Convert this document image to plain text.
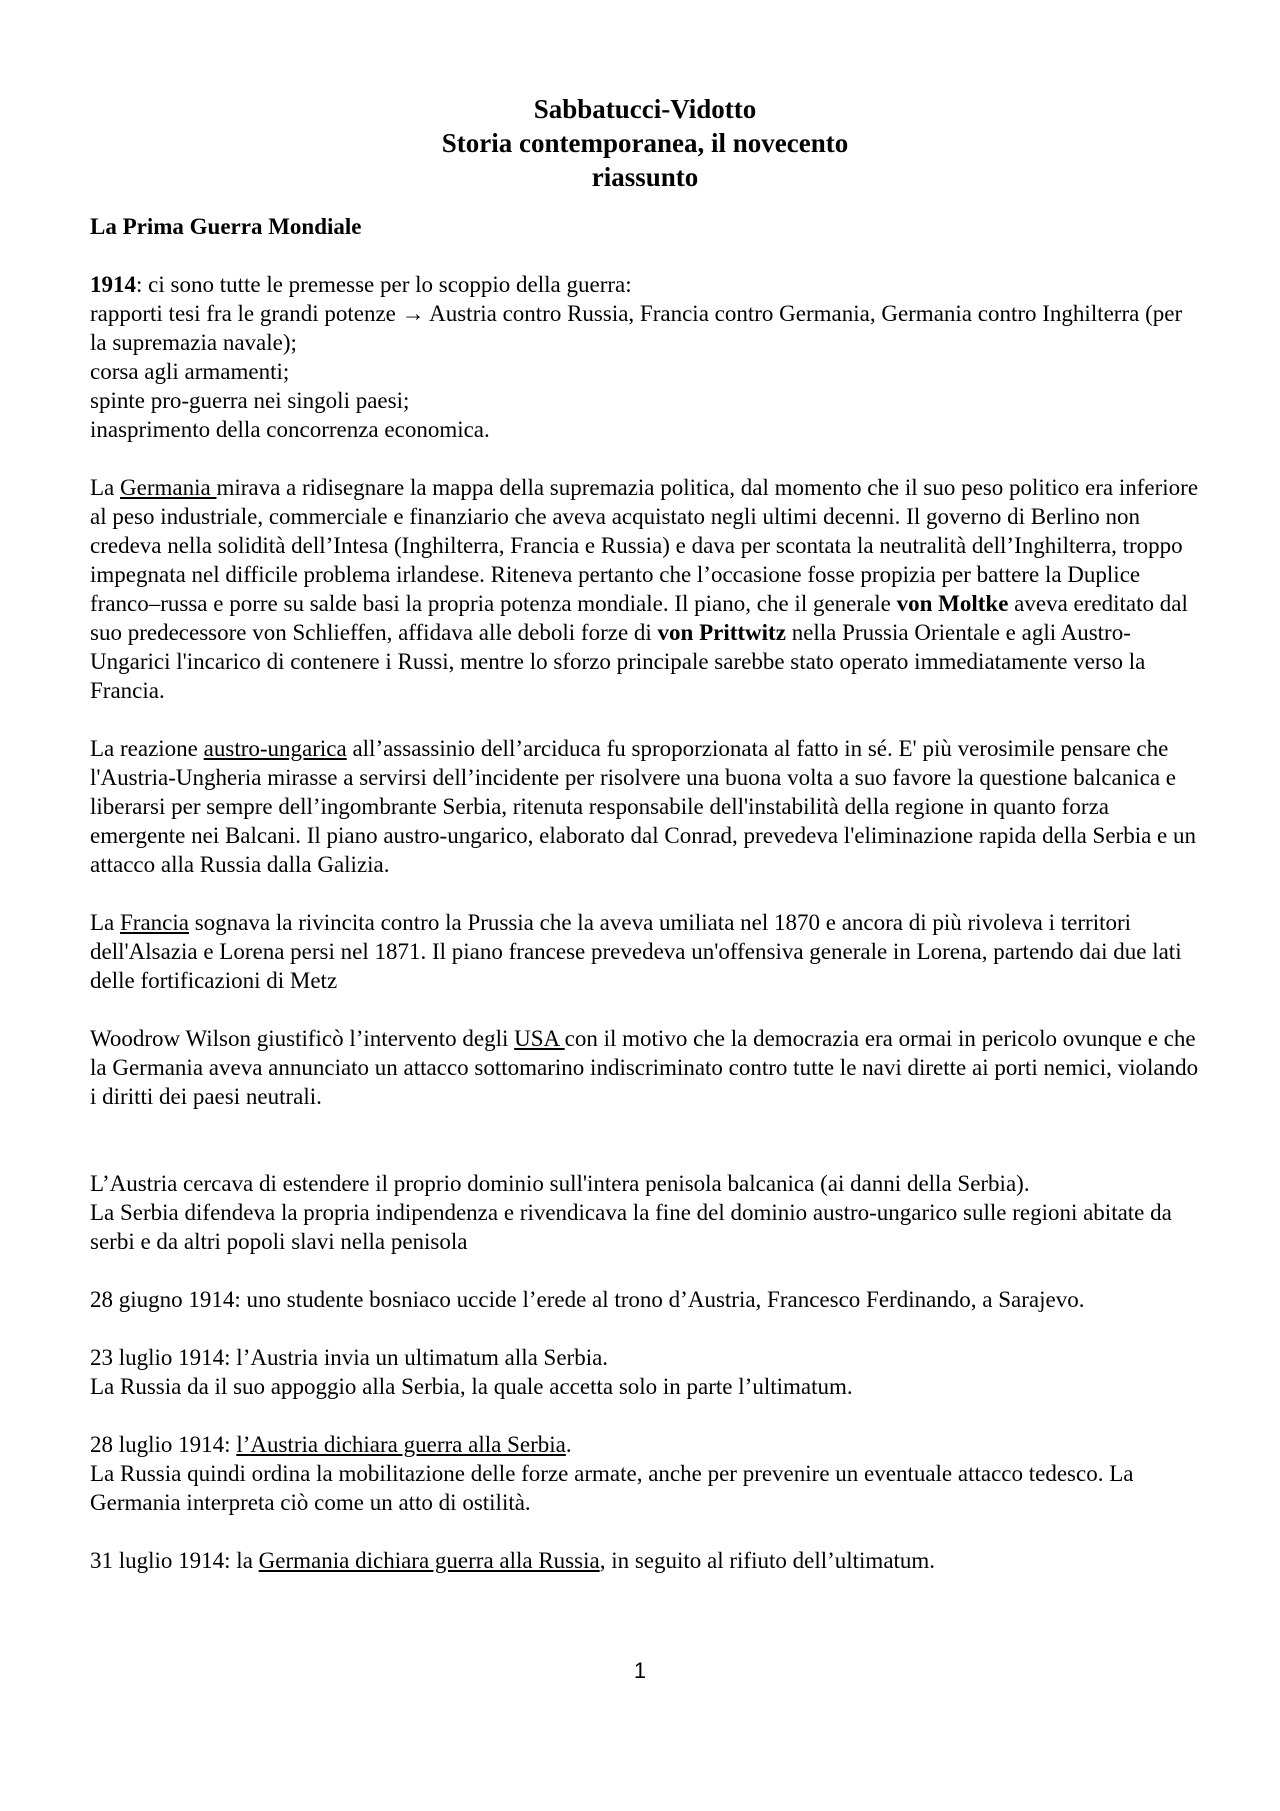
Sabbatucci-Vidotto
Storia contemporanea, il novecento
riassunto

La Prima Guerra Mondiale

1914: ci sono tutte le premesse per lo scoppio della guerra:

rapporti tesi fra le grandi potenze → Austria contro Russia, Francia contro Germania, Germania contro Inghilterra (per la supremazia navale);

corsa agli armamenti;

spinte pro-guerra nei singoli paesi;

inasprimento della concorrenza economica.

La Germania mirava a ridisegnare la mappa della supremazia politica, dal momento che il suo peso politico era inferiore al peso industriale, commerciale e finanziario che aveva acquistato negli ultimi decenni. Il governo di Berlino non credeva nella solidità dell’Intesa (Inghilterra, Francia e Russia) e dava per scontata la neutralità dell’Inghilterra, troppo impegnata nel difficile problema irlandese. Riteneva pertanto che l’occasione fosse propizia per battere la Duplice franco–russa e porre su salde basi la propria potenza mondiale. Il piano, che il generale von Moltke aveva ereditato dal suo predecessore von Schlieffen, affidava alle deboli forze di von Prittwitz nella Prussia Orientale e agli Austro-Ungarici l'incarico di contenere i Russi, mentre lo sforzo principale sarebbe stato operato immediatamente verso la Francia.

La reazione austro-ungarica all’assassinio dell’arciduca fu sproporzionata al fatto in sé. E' più verosimile pensare che l'Austria-Ungheria mirasse a servirsi dell’incidente per risolvere una buona volta a suo favore la questione balcanica e liberarsi per sempre dell’ingombrante Serbia, ritenuta responsabile dell'instabilità della regione in quanto forza emergente nei Balcani. Il piano austro-ungarico, elaborato dal Conrad, prevedeva l'eliminazione rapida della Serbia e un attacco alla Russia dalla Galizia.

La Francia sognava la rivincita contro la Prussia che la aveva umiliata nel 1870 e ancora di più rivoleva i territori dell'Alsazia e Lorena persi nel 1871. Il piano francese prevedeva un'offensiva generale in Lorena, partendo dai due lati delle fortificazioni di Metz

Woodrow Wilson giustificò l’intervento degli USA con il motivo che la democrazia era ormai in pericolo ovunque e che la Germania aveva annunciato un attacco sottomarino indiscriminato contro tutte le navi dirette ai porti nemici, violando i diritti dei paesi neutrali.

L’Austria cercava di estendere il proprio dominio sull'intera penisola balcanica (ai danni della Serbia).

La Serbia difendeva la propria indipendenza e rivendicava la fine del dominio austro-ungarico sulle regioni abitate da serbi e da altri popoli slavi nella penisola

28 giugno 1914: uno studente bosniaco uccide l’erede al trono d’Austria, Francesco Ferdinando, a Sarajevo.

23 luglio 1914: l’Austria invia un ultimatum alla Serbia.

La Russia da il suo appoggio alla Serbia, la quale accetta solo in parte l’ultimatum.

28 luglio 1914: l’Austria dichiara guerra alla Serbia.

La Russia quindi ordina la mobilitazione delle forze armate, anche per prevenire un eventuale attacco tedesco. La Germania interpreta ciò come un atto di ostilità.

31 luglio 1914: la Germania dichiara guerra alla Russia, in seguito al rifiuto dell’ultimatum.

1
